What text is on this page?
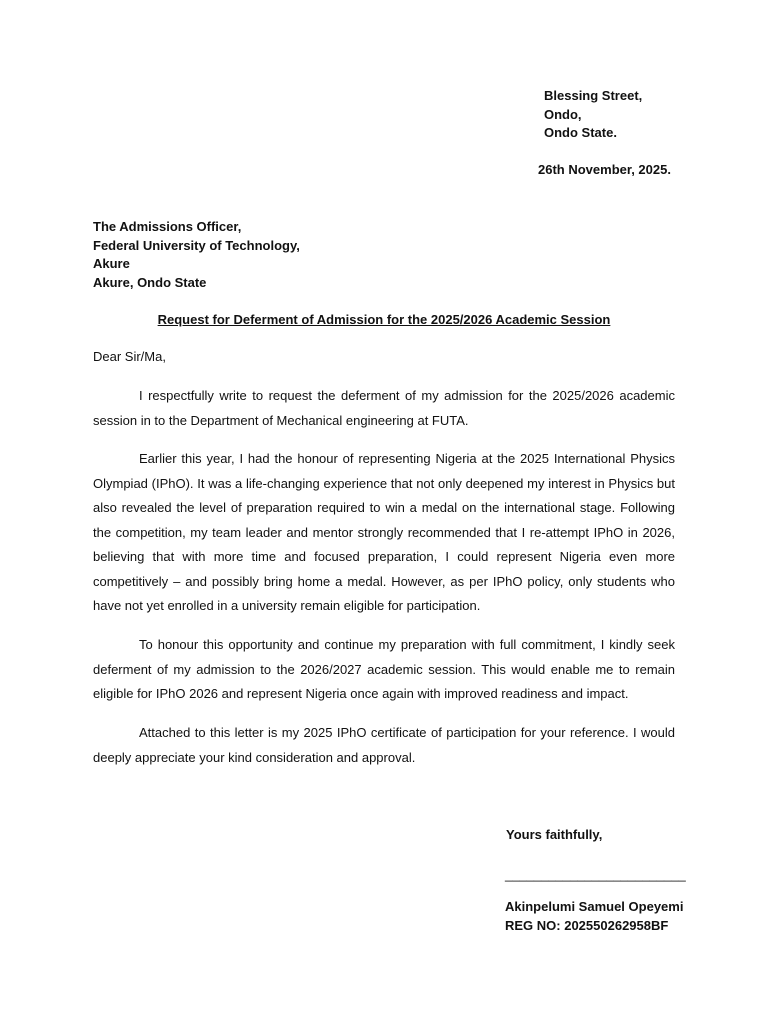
Blessing Street,
Ondo,
Ondo State.

26th November, 2025.

The Admissions Officer,
Federal University of Technology,
Akure
Akure, Ondo State

Request for Deferment of Admission for the 2025/2026 Academic Session

Dear Sir/Ma,

I respectfully write to request the deferment of my admission for the 2025/2026 academic session in to the Department of Mechanical engineering at FUTA.

Earlier this year, I had the honour of representing Nigeria at the 2025 International Physics Olympiad (IPhO). It was a life-changing experience that not only deepened my interest in Physics but also revealed the level of preparation required to win a medal on the international stage. Following the competition, my team leader and mentor strongly recommended that I re-attempt IPhO in 2026, believing that with more time and focused preparation, I could represent Nigeria even more competitively – and possibly bring home a medal. However, as per IPhO policy, only students who have not yet enrolled in a university remain eligible for participation.

To honour this opportunity and continue my preparation with full commitment, I kindly seek deferment of my admission to the 2026/2027 academic session. This would enable me to remain eligible for IPhO 2026 and represent Nigeria once again with improved readiness and impact.

Attached to this letter is my 2025 IPhO certificate of participation for your reference. I would deeply appreciate your kind consideration and approval.

Yours faithfully,

_________________________

Akinpelumi Samuel Opeyemi
REG NO: 202550262958BF
